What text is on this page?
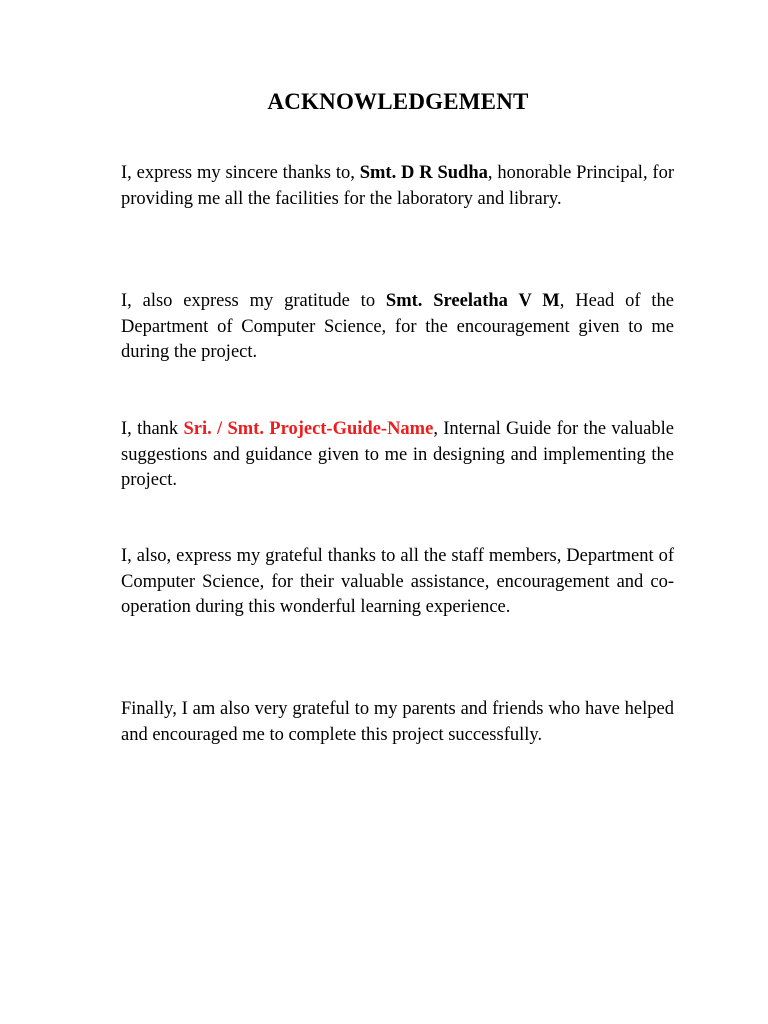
ACKNOWLEDGEMENT

I, express my sincere thanks to, Smt. D R Sudha, honorable Principal, for providing me all the facilities for the laboratory and library.

I, also express my gratitude to Smt. Sreelatha V M, Head of the Department of Computer Science, for the encouragement given to me during the project.

I, thank Sri. / Smt. Project-Guide-Name, Internal Guide for the valuable suggestions and guidance given to me in designing and implementing the project.

I, also, express my grateful thanks to all the staff members, Department of Computer Science, for their valuable assistance, encouragement and co-operation during this wonderful learning experience.

Finally, I am also very grateful to my parents and friends who have helped and encouraged me to complete this project successfully.
